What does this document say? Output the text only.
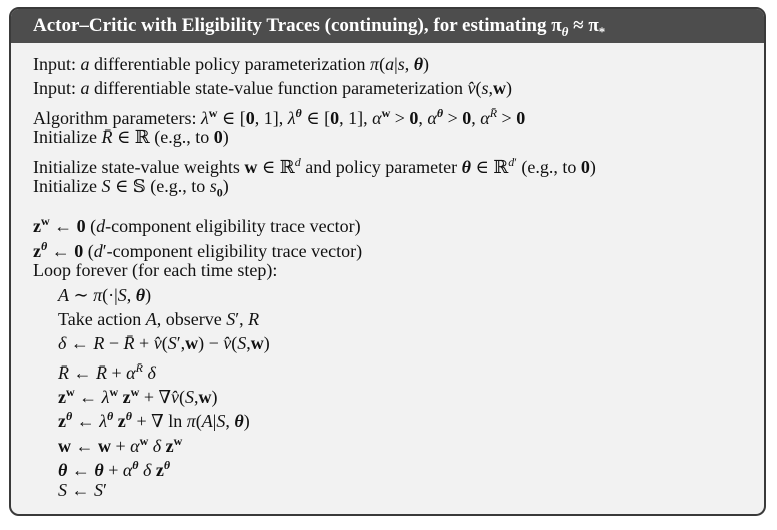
Actor–Critic with Eligibility Traces (continuing), for estimating $\pi_\theta \approx \pi_*$
Input: a differentiable policy parameterization π(a|s, θ)
Input: a differentiable state-value function parameterization v̂(s,w)
Algorithm parameters: $\lambda^w$ ∈ [0, 1], $\lambda^\theta$ ∈ [0, 1], $\alpha^w > 0$, $\alpha^\theta > 0$, $\alpha^{R̄} > 0$
Initialize R̄ ∈ ℝ (e.g., to 0)
Initialize state-value weights w ∈ ℝ$^d$ and policy parameter θ ∈ ℝ$^{d'}$ (e.g., to 0)
Initialize S ∈ 𝕊 (e.g., to $s_0$)
$z^w$ ← 0 (d-component eligibility trace vector)
$z^\theta$ ← 0 (d′-component eligibility trace vector)
Loop forever (for each time step):
A ∼ π(·|S, θ)
Take action A, observe S′, R
δ ← R − R̄ + v̂(S′,w) − v̂(S,w)
R̄ ← R̄ + $\alpha^{R̄}$ δ
$z^w$ ← $\lambda^w$ $z^w$ + ∇v̂(S,w)
$z^\theta$ ← $\lambda^\theta$ $z^\theta$ + ∇ ln π(A|S, θ)
w ← $w + \alpha^w$ δ $z^w$
θ ← $\theta + \alpha^\theta$ δ $z^\theta$
S ← S′
